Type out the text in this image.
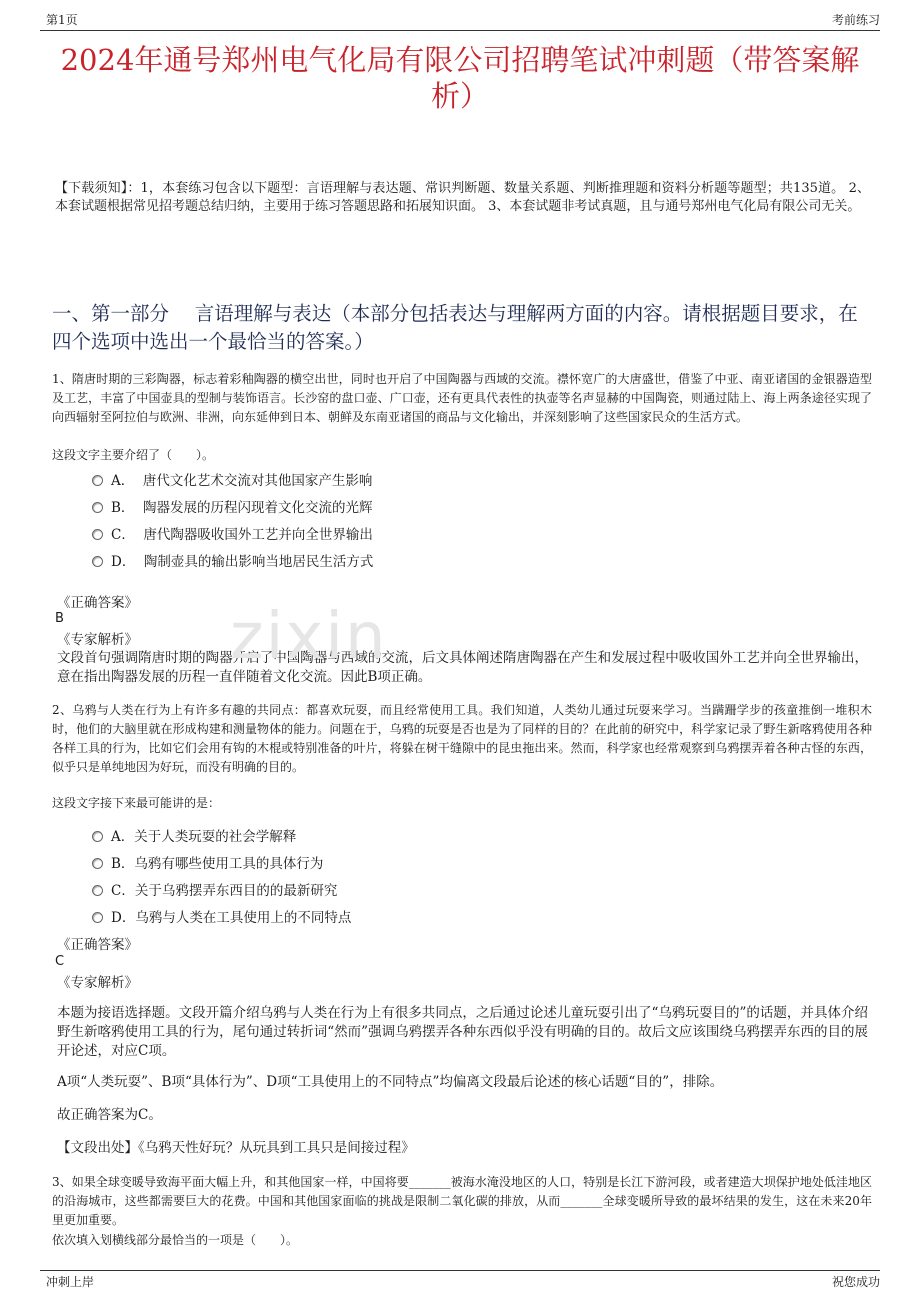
第1页	考前练习
2024年通号郑州电气化局有限公司招聘笔试冲刺题（带答案解析）
【下载须知】：1，本套练习包含以下题型：言语理解与表达题、常识判断题、数量关系题、判断推理题和资料分析题等题型；共135道。 2、本套试题根据常见招考题总结归纳，主要用于练习答题思路和拓展知识面。 3、本套试题非考试真题，且与通号郑州电气化局有限公司无关。
一、第一部分　 言语理解与表达（本部分包括表达与理解两方面的内容。请根据题目要求，在四个选项中选出一个最恰当的答案。）
1、隋唐时期的三彩陶器，标志着彩釉陶器的横空出世，同时也开启了中国陶器与西域的交流。襟怀宽广的大唐盛世，借鉴了中亚、南亚诸国的金银器造型及工艺，丰富了中国壶具的型制与装饰语言。长沙窑的盘口壶、广口壶，还有更具代表性的执壶等名声显赫的中国陶瓷，则通过陆上、海上两条途径实现了向西辐射至阿拉伯与欧洲、非洲，向东延伸到日本、朝鲜及东南亚诸国的商品与文化输出，并深刻影响了这些国家民众的生活方式。
这段文字主要介绍了（　　）。
A．  唐代文化艺术交流对其他国家产生影响
B．  陶器发展的历程闪现着文化交流的光辉
C．  唐代陶器吸收国外工艺并向全世界输出
D．  陶制壶具的输出影响当地居民生活方式
《正确答案》
B
《专家解析》
文段首句强调隋唐时期的陶器开启了中国陶器与西域的交流，后文具体阐述隋唐陶器在产生和发展过程中吸收国外工艺并向全世界输出，意在指出陶器发展的历程一直伴随着文化交流。因此B项正确。
2、乌鸦与人类在行为上有许多有趣的共同点：都喜欢玩耍，而且经常使用工具。我们知道，人类幼儿通过玩耍来学习。当蹒跚学步的孩童推倒一堆积木时，他们的大脑里就在形成构建和测量物体的能力。问题在于，乌鸦的玩耍是否也是为了同样的目的？在此前的研究中，科学家记录了野生新喀鸦使用各种各样工具的行为，比如它们会用有钩的木棍或特别准备的叶片，将躲在树干缝隙中的昆虫拖出来。然而，科学家也经常观察到乌鸦摆弄着各种古怪的东西，似乎只是单纯地因为好玩，而没有明确的目的。
这段文字接下来最可能讲的是：
A．关于人类玩耍的社会学解释
B．乌鸦有哪些使用工具的具体行为
C．关于乌鸦摆弄东西目的的最新研究
D．乌鸦与人类在工具使用上的不同特点
《正确答案》
C
《专家解析》
本题为接语选择题。文段开篇介绍乌鸦与人类在行为上有很多共同点，之后通过论述儿童玩耍引出了“乌鸦玩耍目的”的话题，并具体介绍野生新喀鸦使用工具的行为，尾句通过转折词“然而”强调乌鸦摆弄各种东西似乎没有明确的目的。故后文应该围绕乌鸦摆弄东西的目的展开论述，对应C项。
A项“人类玩耍”、B项“具体行为”、D项“工具使用上的不同特点”均偏离文段最后论述的核心话题“目的”，排除。
故正确答案为C。
【文段出处】《乌鸦天性好玩？从玩具到工具只是间接过程》
3、如果全球变暖导致海平面大幅上升，和其他国家一样，中国将要_______被海水淹没地区的人口，特别是长江下游河段，或者建造大坝保护地处低洼地区的沿海城市，这些都需要巨大的花费。中国和其他国家面临的挑战是限制二氧化碳的排放，从而_______全球变暖所导致的最坏结果的发生，这在未来20年里更加重要。
依次填入划横线部分最恰当的一项是（　　）。
zixin
冲刺上岸	祝您成功
